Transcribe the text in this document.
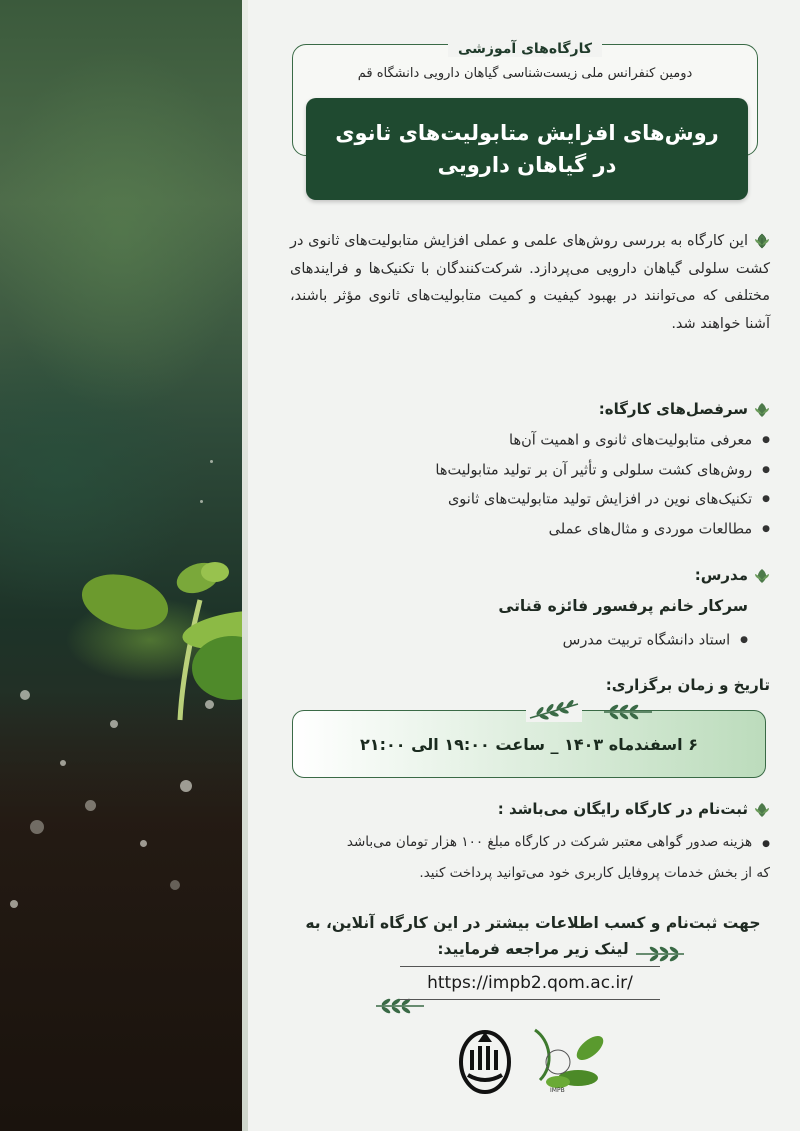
کارگاه‌های آموزشی
دومین کنفرانس ملی زیست‌شناسی گیاهان دارویی دانشگاه قم
روش‌های افزایش متابولیت‌های ثانوی
در گیاهان دارویی
این کارگاه به بررسی روش‌های علمی و عملی افزایش متابولیت‌های ثانوی در کشت سلولی گیاهان دارویی می‌پردازد. شرکت‌کنندگان با تکنیک‌ها و فرایندهای مختلفی که می‌توانند در بهبود کیفیت و کمیت متابولیت‌های ثانوی مؤثر باشند، آشنا خواهند شد.
سرفصل‌های کارگاه:
● معرفی متابولیت‌های ثانوی و اهمیت آن‌ها
● روش‌های کشت سلولی و تأثیر آن بر تولید متابولیت‌ها
● تکنیک‌های نوین در افزایش تولید متابولیت‌های ثانوی
● مطالعات موردی و مثال‌های عملی
مدرس:
سرکار خانم پرفسور فائزه قناتی
● استاد دانشگاه تربیت مدرس
تاریخ و زمان برگزاری:
۶ اسفندماه ۱۴۰۳ _ ساعت ۱۹:۰۰ الی ۲۱:۰۰
ثبت‌نام در کارگاه رایگان می‌باشد :
●هزینه صدور گواهی معتبر شرکت در کارگاه مبلغ ۱۰۰ هزار تومان می‌باشد
که از بخش خدمات پروفایل کاربری خود می‌توانید پرداخت کنید.
جهت ثبت‌نام و کسب اطلاعات بیشتر در این کارگاه آنلاین، به
لینک زیر مراجعه فرمایید:
https://impb2.qom.ac.ir/
IMPB
